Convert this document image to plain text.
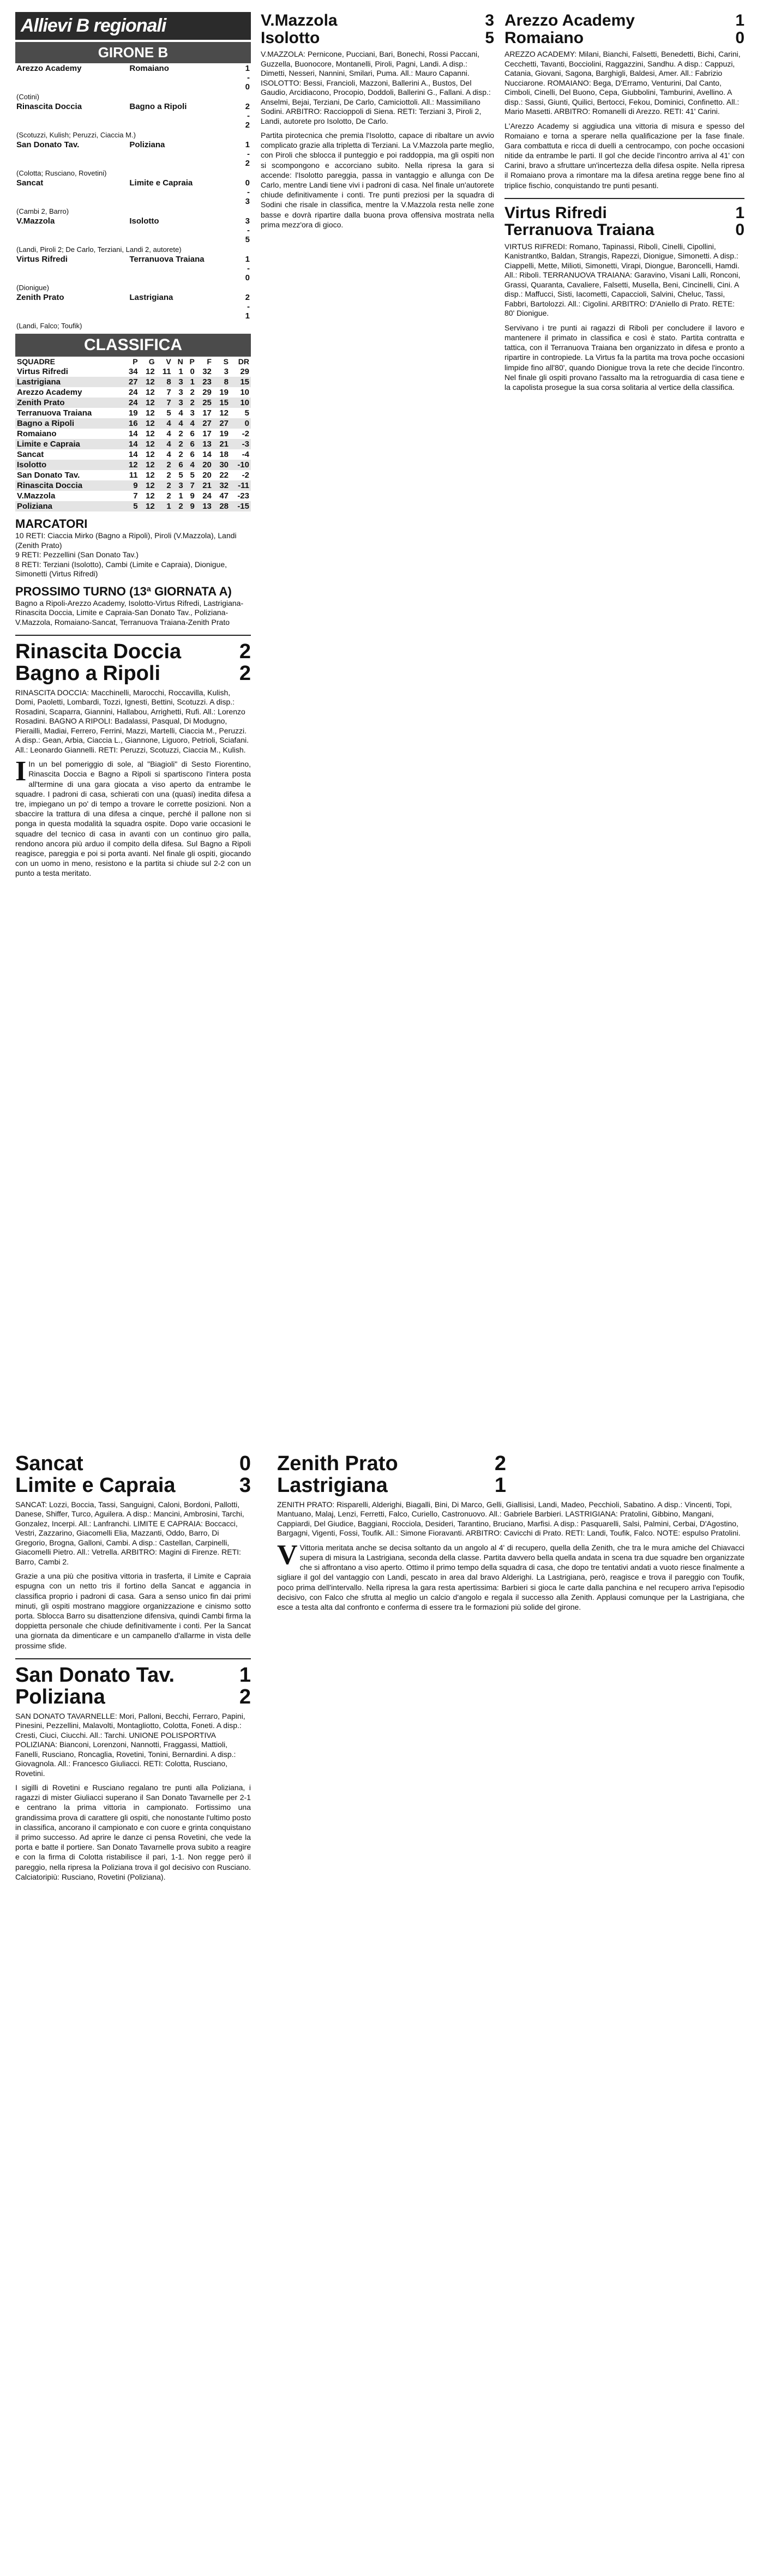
Allievi B regionali
GIRONE B
Arezzo Academy	Romaiano	1 - 0
(Cotini)		
Rinascita Doccia	Bagno a Ripoli	2 - 2
(Scotuzzi, Kulish; Peruzzi, Ciaccia M.)		
San Donato Tav.	Poliziana	1 - 2
(Colotta; Rusciano, Rovetini)		
Sancat	Limite e Capraia	0 - 3
(Cambi 2, Barro)		
V.Mazzola	Isolotto	3 - 5
(Landi, Piroli 2; De Carlo, Terziani, Landi 2, autorete)		
Virtus Rifredi	Terranuova Traiana	1 - 0
(Dionigue)		
Zenith Prato	Lastrigiana	2 - 1
(Landi, Falco; Toufik)		
CLASSIFICA
SQUADRE	P	G	V	N	P	F	S	DR
Virtus Rifredi	34	12	11	1	0	32	3	29
Lastrigiana	27	12	8	3	1	23	8	15
Arezzo Academy	24	12	7	3	2	29	19	10
Zenith Prato	24	12	7	3	2	25	15	10
Terranuova Traiana	19	12	5	4	3	17	12	5
Bagno a Ripoli	16	12	4	4	4	27	27	0
Romaiano	14	12	4	2	6	17	19	-2
Limite e Capraia	14	12	4	2	6	13	21	-3
Sancat	14	12	4	2	6	14	18	-4
Isolotto	12	12	2	6	4	20	30	-10
San Donato Tav.	11	12	2	5	5	20	22	-2
Rinascita Doccia	9	12	2	3	7	21	32	-11
V.Mazzola	7	12	2	1	9	24	47	-23
Poliziana	5	12	1	2	9	13	28	-15
MARCATORI
10 RETI: Ciaccia Mirko (Bagno a Ripoli), Piroli (V.Mazzola), Landi (Zenith Prato)
9 RETI: Pezzellini (San Donato Tav.)
8 RETI: Terziani (Isolotto), Cambi (Limite e Capraia), Dionigue, Simonetti (Virtus Rifredi)
PROSSIMO TURNO (13ª GIORNATA A)
Bagno a Ripoli-Arezzo Academy, Isolotto-Virtus Rifredi, Lastrigiana-Rinascita Doccia, Limite e Capraia-San Donato Tav., Poliziana-V.Mazzola, Romaiano-Sancat, Terranuova Traiana-Zenith Prato
Rinascita Doccia	2
Bagno a Ripoli	2
RINASCITA DOCCIA: Macchinelli, Marocchi, Roccavilla, Kulish, Domi, Paoletti, Lombardi, Tozzi, Ignesti, Bettini, Scotuzzi. A disp.: Rosadini, Scaparra, Giannini, Hallabou, Arrighetti, Rufi. All.: Lorenzo Rosadini. BAGNO A RIPOLI: Badalassi, Pasqual, Di Modugno, Pierailli, Madiai, Ferrero, Ferrini, Mazzi, Martelli, Ciaccia M., Peruzzi. A disp.: Gean, Arbia, Ciaccia L., Giannone, Liguoro, Petrioli, Sciafani. All.: Leonardo Giannelli. RETI: Peruzzi, Scotuzzi, Ciaccia M., Kulish.
I In un bel pomeriggio di sole, al "Biagioli" di Sesto Fiorentino, Rinascita Doccia e Bagno a Ripoli si spartiscono l'intera posta all'termine di una gara giocata a viso aperto da entrambe le squadre. I padroni di casa, schierati con una (quasi) inedita difesa a tre, impiegano un po' di tempo a trovare le corrette posizioni. Non a sbaccire la trattura di una difesa a cinque, perché il pallone non si ponga in questa modalità la squadra ospite. Dopo varie occasioni le squadre del tecnico di casa in avanti con un continuo giro palla, rendono ancora più arduo il compito della difesa. Sul Bagno a Ripoli reagisce, pareggia e poi si porta avanti. Nel finale gli ospiti, giocando con un uomo in meno, resistono e la partita si chiude sul 2-2 con un punto a testa meritato.
V.Mazzola	3
Isolotto	5
V.MAZZOLA: Pernicone, Pucciani, Bari, Bonechi, Rossi Paccani, Guzzella, Buonocore, Montanelli, Piroli, Pagni, Landi. A disp.: Dimetti, Nesseri, Nannini, Smilari, Puma. All.: Mauro Capanni. ISOLOTTO: Bessi, Francioli, Mazzoni, Ballerini A., Bustos, Del Gaudio, Arcidiacono, Procopio, Doddoli, Ballerini G., Fallani. A disp.: Anselmi, Bejai, Terziani, De Carlo, Camiciottoli. All.: Massimiliano Sodini. ARBITRO: Raccioppoli di Siena. RETI: Terziani 3, Piroli 2, Landi, autorete pro Isolotto, De Carlo.
Partita pirotecnica che premia l'Isolotto, capace di ribaltare un avvio complicato grazie alla tripletta di Terziani. La V.Mazzola parte meglio, con Piroli che sblocca il punteggio e poi raddoppia, ma gli ospiti non si scompongono e accorciano subito. Nella ripresa la gara si accende: l'Isolotto pareggia, passa in vantaggio e allunga con De Carlo, mentre Landi tiene vivi i padroni di casa. Nel finale un'autorete chiude definitivamente i conti. Tre punti preziosi per la squadra di Sodini che risale in classifica, mentre la V.Mazzola resta nelle zone basse e dovrà ripartire dalla buona prova offensiva mostrata nella prima mezz'ora di gioco.
Arezzo Academy	1
Romaiano	0
AREZZO ACADEMY: Milani, Bianchi, Falsetti, Benedetti, Bichi, Carini, Cecchetti, Tavanti, Bocciolini, Raggazzini, Sandhu. A disp.: Cappuzi, Catania, Giovani, Sagona, Barghigli, Baldesi, Amer. All.: Fabrizio Nucciarone. ROMAIANO: Bega, D'Erramo, Venturini, Dal Canto, Cimboli, Cinelli, Del Buono, Cepa, Giubbolini, Tamburini, Avellino. A disp.: Sassi, Giunti, Quilici, Bertocci, Fekou, Dominici, Confinetto. All.: Mario Masetti. ARBITRO: Romanelli di Arezzo. RETI: 41' Carini.
L'Arezzo Academy si aggiudica una vittoria di misura e spesso del Romaiano e torna a sperare nella qualificazione per la fase finale. Gara combattuta e ricca di duelli a centrocampo, con poche occasioni nitide da entrambe le parti. Il gol che decide l'incontro arriva al 41' con Carini, bravo a sfruttare un'incertezza della difesa ospite. Nella ripresa il Romaiano prova a rimontare ma la difesa aretina regge bene fino al triplice fischio, conquistando tre punti pesanti.
Virtus Rifredi	1
Terranuova Traiana	0
VIRTUS RIFREDI: Romano, Tapinassi, Ribolì, Cinelli, Cipollini, Kanistrantko, Baldan, Strangis, Rapezzi, Dionigue, Simonetti. A disp.: Ciappelli, Mette, Milioti, Simonetti, Virapi, Diongue, Baroncelli, Hamdi. All.: Ribolì. TERRANUOVA TRAIANA: Garavino, Visani Lalli, Ronconi, Grassi, Quaranta, Cavaliere, Falsetti, Musella, Beni, Cincinelli, Cini. A disp.: Maffucci, Sisti, Iacometti, Capaccioli, Salvini, Cheluc, Tassi, Fabbri, Bartolozzi. All.: Cigolini. ARBITRO: D'Aniello di Prato. RETE: 80' Dionigue.
Servivano i tre punti ai ragazzi di Ribolì per concludere il lavoro e mantenere il primato in classifica e così è stato. Partita contratta e tattica, con il Terranuova Traiana ben organizzato in difesa e pronto a ripartire in contropiede. La Virtus fa la partita ma trova poche occasioni limpide fino all'80', quando Dionigue trova la rete che decide l'incontro. Nel finale gli ospiti provano l'assalto ma la retroguardia di casa tiene e la capolista prosegue la sua corsa solitaria al vertice della classifica.
Sancat	0
Limite e Capraia	3
SANCAT: Lozzi, Boccia, Tassi, Sanguigni, Caloni, Bordoni, Pallotti, Danese, Shiffer, Turco, Aguilera. A disp.: Mancini, Ambrosini, Tarchi, Gonzalez, Incerpi. All.: Lanfranchi. LIMITE E CAPRAIA: Boccacci, Vestri, Zazzarino, Giacomelli Elia, Mazzanti, Oddo, Barro, Di Gregorio, Brogna, Galloni, Cambi. A disp.: Castellan, Carpinelli, Giacomelli Pietro. All.: Vetrella. ARBITRO: Magini di Firenze. RETI: Barro, Cambi 2.
Grazie a una più che positiva vittoria in trasferta, il Limite e Capraia espugna con un netto tris il fortino della Sancat e aggancia in classifica proprio i padroni di casa. Gara a senso unico fin dai primi minuti, gli ospiti mostrano maggiore organizzazione e cinismo sotto porta. Sblocca Barro su disattenzione difensiva, quindi Cambi firma la doppietta personale che chiude definitivamente i conti. Per la Sancat una giornata da dimenticare e un campanello d'allarme in vista delle prossime sfide.
San Donato Tav.	1
Poliziana	2
SAN DONATO TAVARNELLE: Mori, Palloni, Becchi, Ferraro, Papini, Pinesini, Pezzellini, Malavolti, Montagliotto, Colotta, Foneti. A disp.: Cresti, Ciuci, Ciucchi. All.: Tarchi. UNIONE POLISPORTIVA POLIZIANA: Bianconi, Lorenzoni, Nannotti, Fraggassi, Mattioli, Fanelli, Rusciano, Roncaglia, Rovetini, Tonini, Bernardini. A disp.: Giovagnola. All.: Francesco Giuliacci. RETI: Colotta, Rusciano, Rovetini.
I sigilli di Rovetini e Rusciano regalano tre punti alla Poliziana, i ragazzi di mister Giuliacci superano il San Donato Tavarnelle per 2-1 e centrano la prima vittoria in campionato. Fortissimo una grandissima prova di carattere gli ospiti, che nonostante l'ultimo posto in classifica, ancorano il campionato e con cuore e grinta conquistano il primo successo. Ad aprire le danze ci pensa Rovetini, che vede la porta e batte il portiere. San Donato Tavarnelle prova subito a reagire e con la firma di Colotta ristabilisce il pari, 1-1. Non regge però il pareggio, nella ripresa la Poliziana trova il gol decisivo con Rusciano. Calciatoripiù: Rusciano, Rovetini (Poliziana).
Zenith Prato	2
Lastrigiana	1
ZENITH PRATO: Risparelli, Alderighi, Biagalli, Bini, Di Marco, Gelli, Giallisisi, Landi, Madeo, Pecchioli, Sabatino. A disp.: Vincenti, Topi, Mantuano, Malaj, Lenzi, Ferretti, Falco, Curiello, Castronuovo. All.: Gabriele Barbieri. LASTRIGIANA: Pratolini, Gibbino, Mangani, Cappiardi, Del Giudice, Baggiani, Rocciola, Desideri, Tarantino, Bruciano, Marfisi. A disp.: Pasquarelli, Salsi, Palmini, Cerbai, D'Agostino, Bargagni, Vigenti, Fossi, Toufik. All.: Simone Fioravanti. ARBITRO: Cavicchi di Prato. RETI: Landi, Toufik, Falco. NOTE: espulso Pratolini.
V Vittoria meritata anche se decisa soltanto da un angolo al 4' di recupero, quella della Zenith, che tra le mura amiche del Chiavacci supera di misura la Lastrigiana, seconda della classe. Partita davvero bella quella andata in scena tra due squadre ben organizzate che si affrontano a viso aperto. Ottimo il primo tempo della squadra di casa, che dopo tre tentativi andati a vuoto riesce finalmente a sigliare il gol del vantaggio con Landi, pescato in area dal bravo Alderighi. La Lastrigiana, però, reagisce e trova il pareggio con Toufik, poco prima dell'intervallo. Nella ripresa la gara resta apertissima: Barbieri si gioca le carte dalla panchina e nel recupero arriva l'episodio decisivo, con Falco che sfrutta al meglio un calcio d'angolo e regala il successo alla Zenith. Applausi comunque per la Lastrigiana, che esce a testa alta dal confronto e conferma di essere tra le formazioni più solide del girone.
